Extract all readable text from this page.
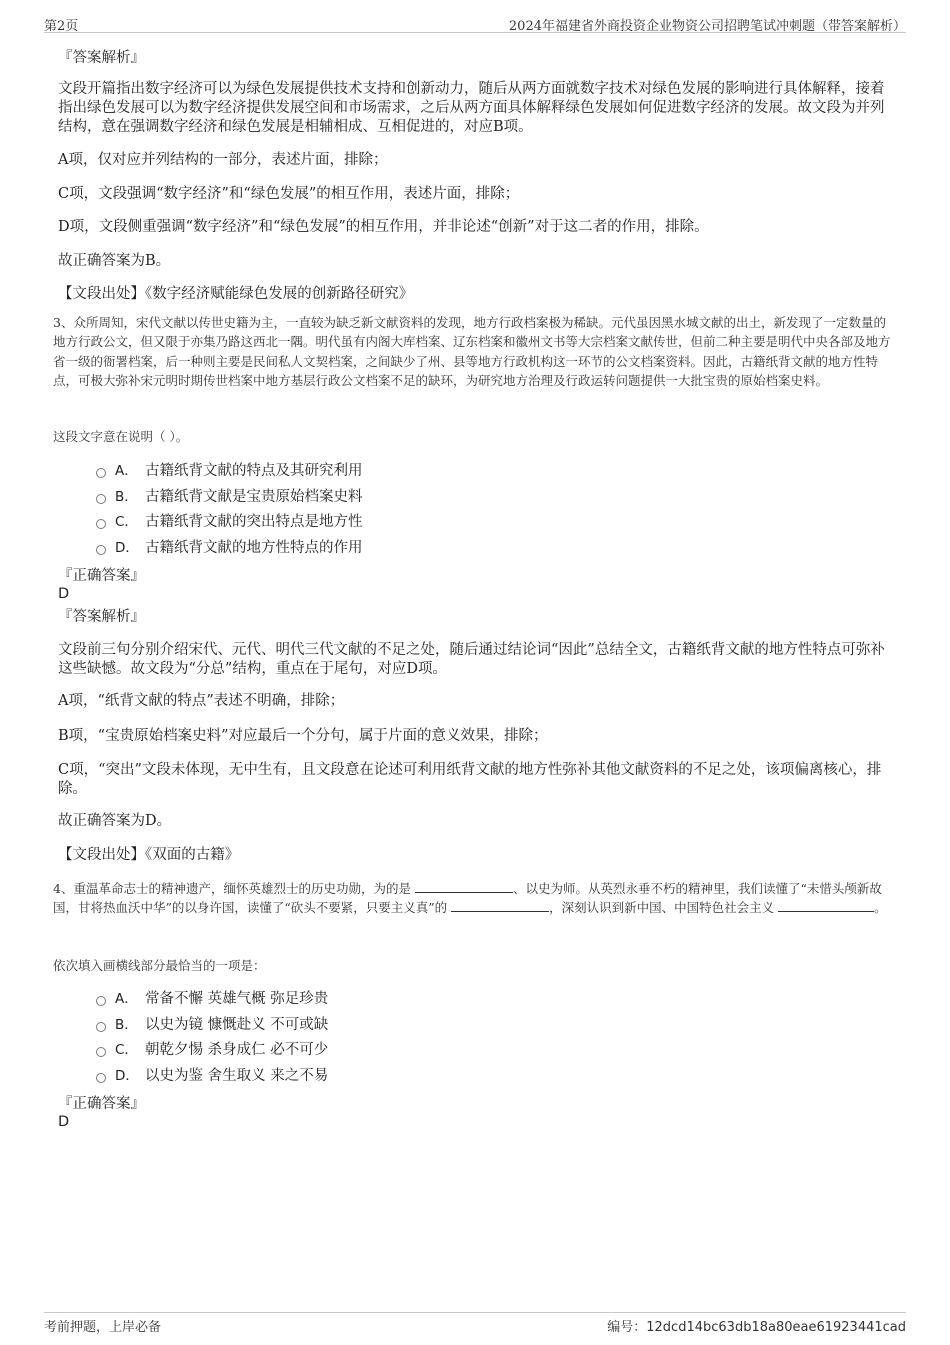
第2页	2024年福建省外商投资企业物资公司招聘笔试冲刺题（带答案解析）
『答案解析』
文段开篇指出数字经济可以为绿色发展提供技术支持和创新动力，随后从两方面就数字技术对绿色发展的影响进行具体解释，接着指出绿色发展可以为数字经济提供发展空间和市场需求，之后从两方面具体解释绿色发展如何促进数字经济的发展。故文段为并列结构，意在强调数字经济和绿色发展是相辅相成、互相促进的，对应B项。
A项，仅对应并列结构的一部分，表述片面，排除；
C项，文段强调“数字经济”和“绿色发展”的相互作用，表述片面，排除；
D项，文段侧重强调“数字经济”和“绿色发展”的相互作用，并非论述“创新”对于这二者的作用，排除。
故正确答案为B。
【文段出处】《数字经济赋能绿色发展的创新路径研究》
3、众所周知，宋代文献以传世史籍为主，一直较为缺乏新文献资料的发现，地方行政档案极为稀缺。元代虽因黑水城文献的出土，新发现了一定数量的地方行政公文，但又限于亦集乃路这西北一隅。明代虽有内阁大库档案、辽东档案和徽州文书等大宗档案文献传世，但前二种主要是明代中央各部及地方省一级的衙署档案，后一种则主要是民间私人文契档案，之间缺少了州、县等地方行政机构这一环节的公文档案资料。因此，古籍纸背文献的地方性特点，可极大弥补宋元明时期传世档案中地方基层行政公文档案不足的缺环，为研究地方治理及行政运转问题提供一大批宝贵的原始档案史料。
这段文字意在说明（ ）。
A． 古籍纸背文献的特点及其研究利用
B． 古籍纸背文献是宝贵原始档案史料
C． 古籍纸背文献的突出特点是地方性
D． 古籍纸背文献的地方性特点的作用
『正确答案』
D
『答案解析』
文段前三句分别介绍宋代、元代、明代三代文献的不足之处，随后通过结论词“因此”总结全文，古籍纸背文献的地方性特点可弥补这些缺憾。故文段为“分总”结构，重点在于尾句，对应D项。
A项，“纸背文献的特点”表述不明确，排除；
B项，“宝贵原始档案史料”对应最后一个分句，属于片面的意义效果，排除；
C项，“突出”文段未体现，无中生有，且文段意在论述可利用纸背文献的地方性弥补其他文献资料的不足之处，该项偏离核心，排除。
故正确答案为D。
【文段出处】《双面的古籍》
4、重温革命志士的精神遗产，缅怀英雄烈士的历史功勋，为的是	、以史为师。从英烈永垂不朽的精神里，我们读懂了“未惜头颅新故国，甘将热血沃中华”的以身许国，读懂了“砍头不要紧，只要主义真”的	，深刻认识到新中国、中国特色社会主义	。
依次填入画横线部分最恰当的一项是：
A． 常备不懈 英雄气概 弥足珍贵
B． 以史为镜 慷慨赴义 不可或缺
C． 朝乾夕惕 杀身成仁 必不可少
D． 以史为鉴 舍生取义 来之不易
『正确答案』
D
考前押题，上岸必备	编号：12dcd14bc63db18a80eae61923441cad
